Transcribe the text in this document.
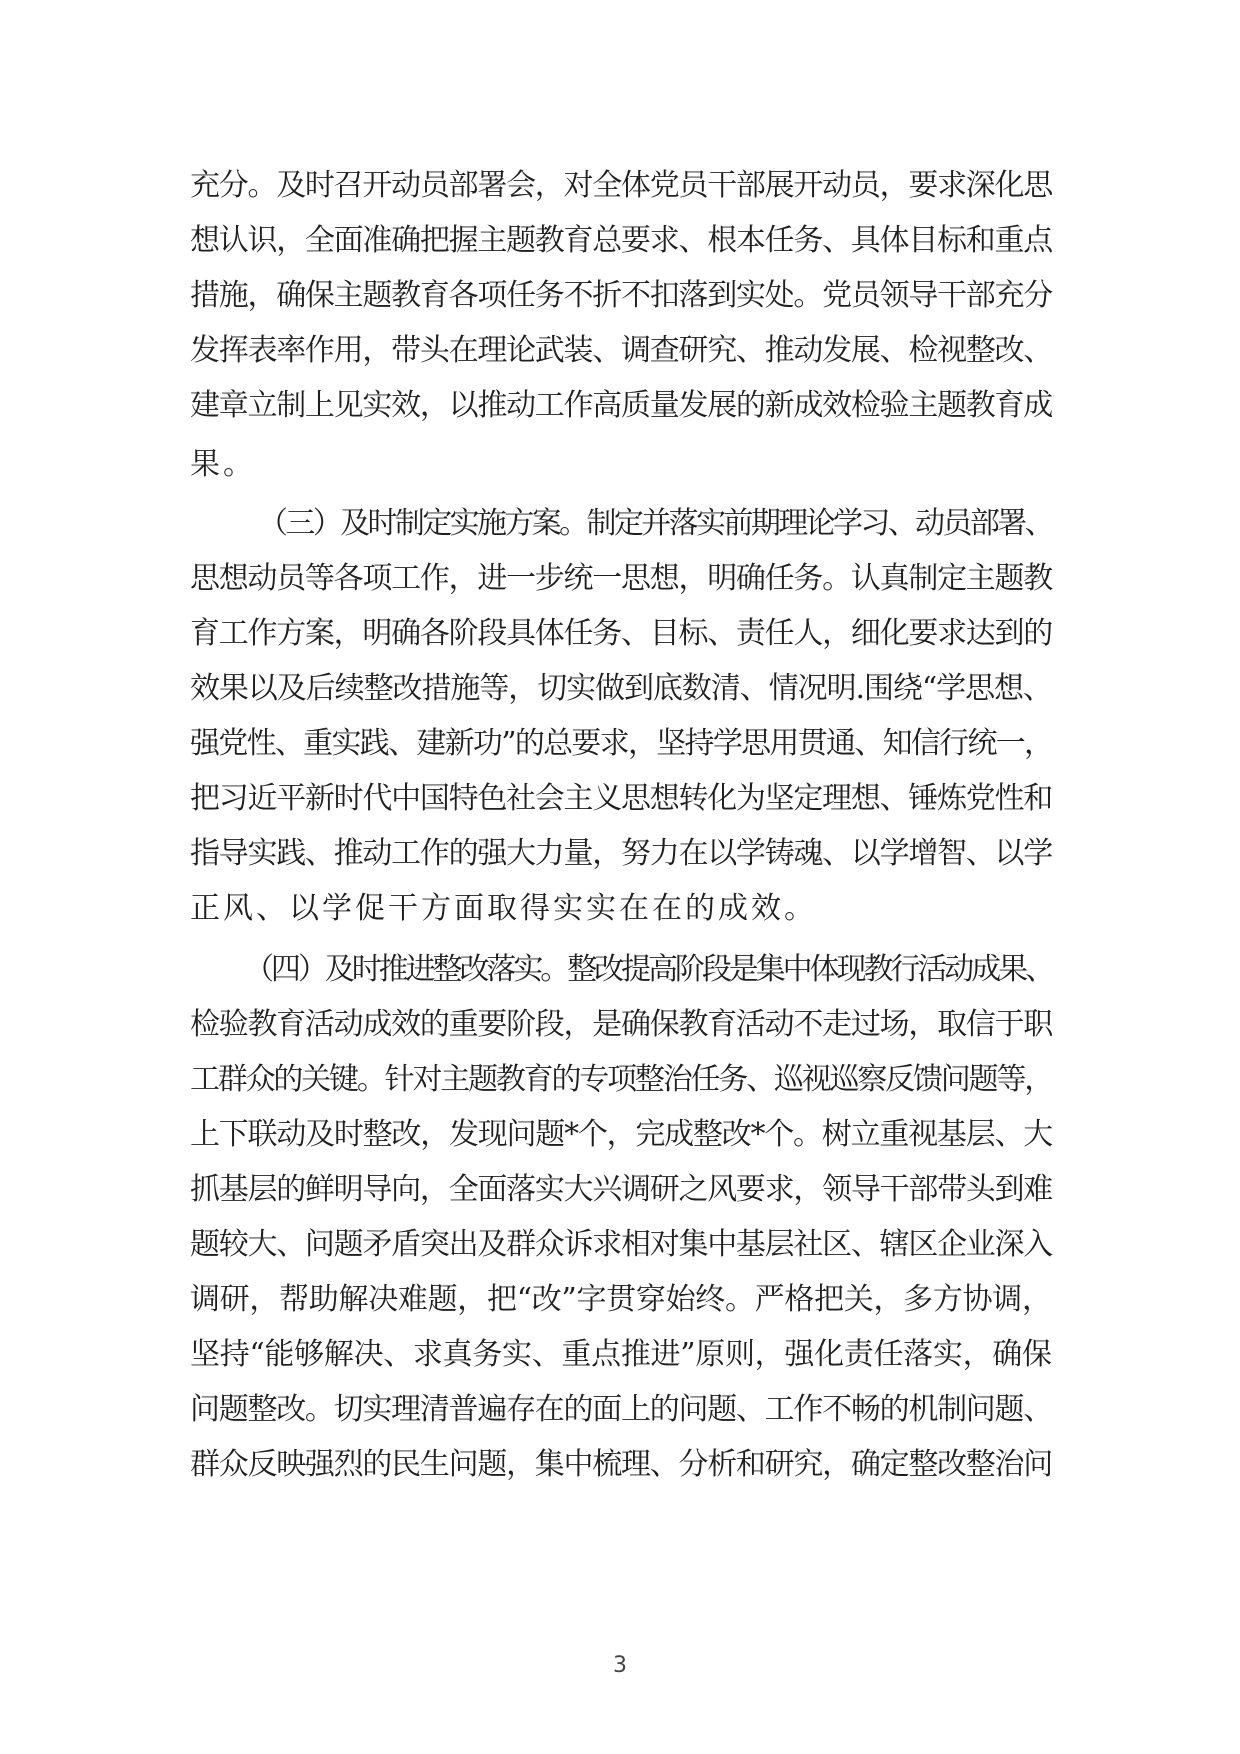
充分。及时召开动员部署会，对全体党员干部展开动员，要求深化思
想认识，全面准确把握主题教育总要求、根本任务、具体目标和重点
措施，确保主题教育各项任务不折不扣落到实处。党员领导干部充分
发挥表率作用，带头在理论武装、调查研究、推动发展、检视整改、
建章立制上见实效，以推动工作高质量发展的新成效检验主题教育成
果。
（三）及时制定实施方案。制定并落实前期理论学习、动员部署、
思想动员等各项工作，进一步统一思想，明确任务。认真制定主题教
育工作方案，明确各阶段具体任务、目标、责任人，细化要求达到的
效果以及后续整改措施等，切实做到底数清、情况明.围绕“学思想、
强党性、重实践、建新功”的总要求，坚持学思用贯通、知信行统一，
把习近平新时代中国特色社会主义思想转化为坚定理想、锤炼党性和
指导实践、推动工作的强大力量，努力在以学铸魂、以学增智、以学
正风、以学促干方面取得实实在在的成效。
（四）及时推进整改落实。整改提高阶段是集中体现教行活动成果、
检验教育活动成效的重要阶段，是确保教育活动不走过场，取信于职
工群众的关键。针对主题教育的专项整治任务、巡视巡察反馈问题等，
上下联动及时整改，发现问题*个，完成整改*个。树立重视基层、大
抓基层的鲜明导向，全面落实大兴调研之风要求，领导干部带头到难
题较大、问题矛盾突出及群众诉求相对集中基层社区、辖区企业深入
调研，帮助解决难题，把“改”字贯穿始终。严格把关，多方协调，
坚持“能够解决、求真务实、重点推进”原则，强化责任落实，确保
问题整改。切实理清普遍存在的面上的问题、工作不畅的机制问题、
群众反映强烈的民生问题，集中梳理、分析和研究，确定整改整治问
3
